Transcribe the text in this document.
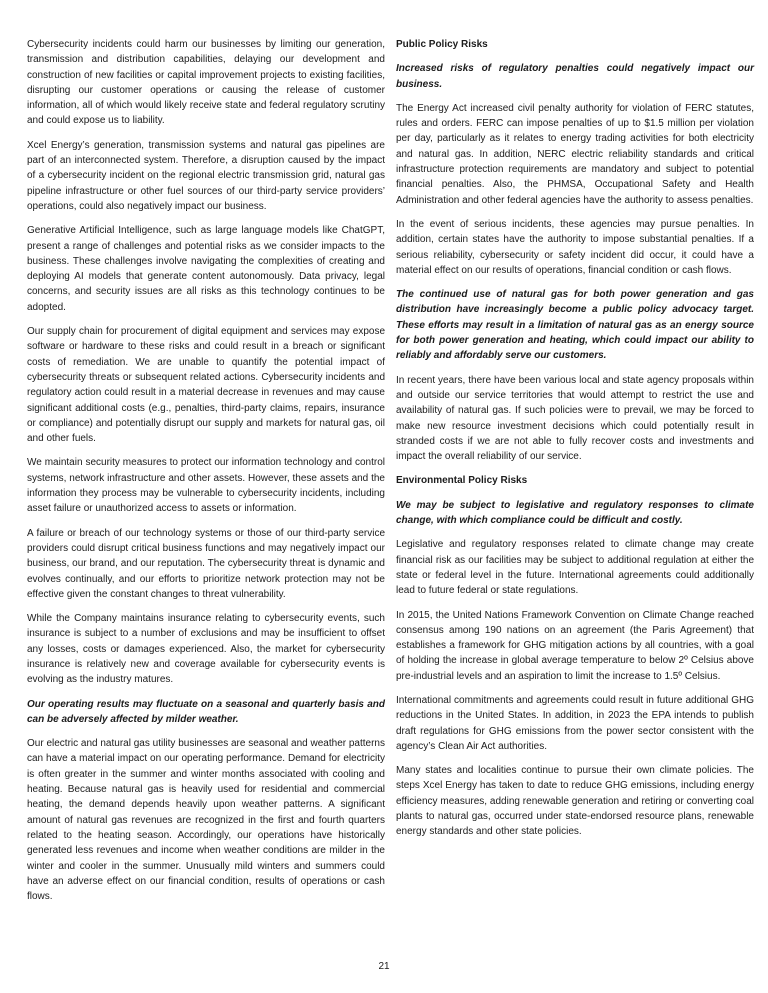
Cybersecurity incidents could harm our businesses by limiting our generation, transmission and distribution capabilities, delaying our development and construction of new facilities or capital improvement projects to existing facilities, disrupting our customer operations or causing the release of customer information, all of which would likely receive state and federal regulatory scrutiny and could expose us to liability.

Xcel Energy’s generation, transmission systems and natural gas pipelines are part of an interconnected system. Therefore, a disruption caused by the impact of a cybersecurity incident on the regional electric transmission grid, natural gas pipeline infrastructure or other fuel sources of our third-party service providers’ operations, could also negatively impact our business.

Generative Artificial Intelligence, such as large language models like ChatGPT, present a range of challenges and potential risks as we consider impacts to the business. These challenges involve navigating the complexities of creating and deploying AI models that generate content autonomously. Data privacy, legal concerns, and security issues are all risks as this technology continues to be adopted.

Our supply chain for procurement of digital equipment and services may expose software or hardware to these risks and could result in a breach or significant costs of remediation. We are unable to quantify the potential impact of cybersecurity threats or subsequent related actions. Cybersecurity incidents and regulatory action could result in a material decrease in revenues and may cause significant additional costs (e.g., penalties, third-party claims, repairs, insurance or compliance) and potentially disrupt our supply and markets for natural gas, oil and other fuels.

We maintain security measures to protect our information technology and control systems, network infrastructure and other assets. However, these assets and the information they process may be vulnerable to cybersecurity incidents, including asset failure or unauthorized access to assets or information.

A failure or breach of our technology systems or those of our third-party service providers could disrupt critical business functions and may negatively impact our business, our brand, and our reputation. The cybersecurity threat is dynamic and evolves continually, and our efforts to prioritize network protection may not be effective given the constant changes to threat vulnerability.

While the Company maintains insurance relating to cybersecurity events, such insurance is subject to a number of exclusions and may be insufficient to offset any losses, costs or damages experienced. Also, the market for cybersecurity insurance is relatively new and coverage available for cybersecurity events is evolving as the industry matures.

Our operating results may fluctuate on a seasonal and quarterly basis and can be adversely affected by milder weather.

Our electric and natural gas utility businesses are seasonal and weather patterns can have a material impact on our operating performance. Demand for electricity is often greater in the summer and winter months associated with cooling and heating. Because natural gas is heavily used for residential and commercial heating, the demand depends heavily upon weather patterns. A significant amount of natural gas revenues are recognized in the first and fourth quarters related to the heating season. Accordingly, our operations have historically generated less revenues and income when weather conditions are milder in the winter and cooler in the summer. Unusually mild winters and summers could have an adverse effect on our financial condition, results of operations or cash flows.

Public Policy Risks

Increased risks of regulatory penalties could negatively impact our business.

The Energy Act increased civil penalty authority for violation of FERC statutes, rules and orders. FERC can impose penalties of up to $1.5 million per violation per day, particularly as it relates to energy trading activities for both electricity and natural gas. In addition, NERC electric reliability standards and critical infrastructure protection requirements are mandatory and subject to potential financial penalties. Also, the PHMSA, Occupational Safety and Health Administration and other federal agencies have the authority to assess penalties.

In the event of serious incidents, these agencies may pursue penalties. In addition, certain states have the authority to impose substantial penalties. If a serious reliability, cybersecurity or safety incident did occur, it could have a material effect on our results of operations, financial condition or cash flows.

The continued use of natural gas for both power generation and gas distribution have increasingly become a public policy advocacy target. These efforts may result in a limitation of natural gas as an energy source for both power generation and heating, which could impact our ability to reliably and affordably serve our customers.

In recent years, there have been various local and state agency proposals within and outside our service territories that would attempt to restrict the use and availability of natural gas. If such policies were to prevail, we may be forced to make new resource investment decisions which could potentially result in stranded costs if we are not able to fully recover costs and investments and impact the overall reliability of our service.

Environmental Policy Risks

We may be subject to legislative and regulatory responses to climate change, with which compliance could be difficult and costly.

Legislative and regulatory responses related to climate change may create financial risk as our facilities may be subject to additional regulation at either the state or federal level in the future. International agreements could additionally lead to future federal or state regulations.

In 2015, the United Nations Framework Convention on Climate Change reached consensus among 190 nations on an agreement (the Paris Agreement) that establishes a framework for GHG mitigation actions by all countries, with a goal of holding the increase in global average temperature to below 2º Celsius above pre-industrial levels and an aspiration to limit the increase to 1.5º Celsius.

International commitments and agreements could result in future additional GHG reductions in the United States. In addition, in 2023 the EPA intends to publish draft regulations for GHG emissions from the power sector consistent with the agency’s Clean Air Act authorities.

Many states and localities continue to pursue their own climate policies. The steps Xcel Energy has taken to date to reduce GHG emissions, including energy efficiency measures, adding renewable generation and retiring or converting coal plants to natural gas, occurred under state-endorsed resource plans, renewable energy standards and other state policies.

21
